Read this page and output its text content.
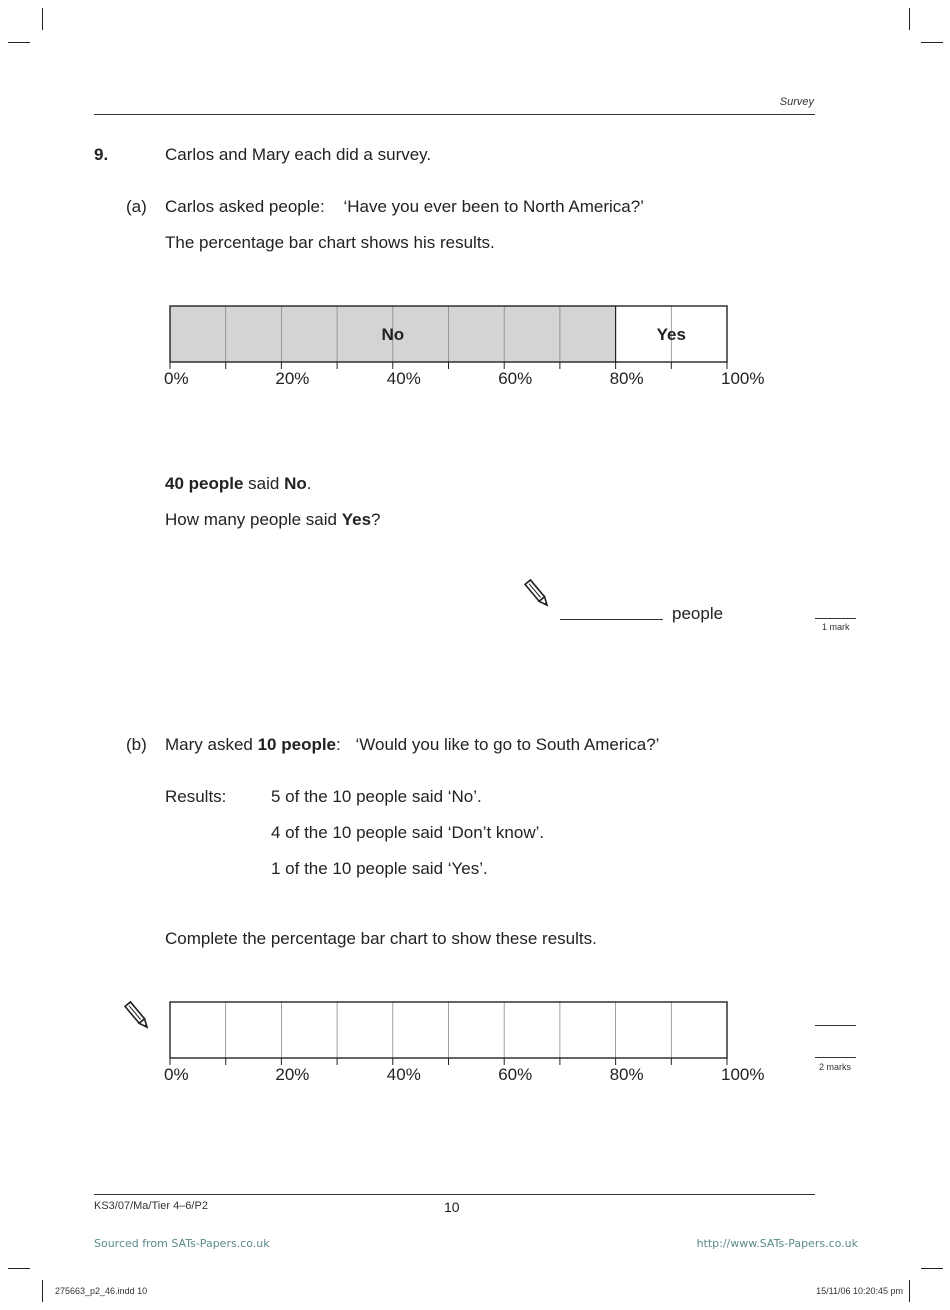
Survey
9.	Carlos and Mary each did a survey.
(a) Carlos asked people: ‘Have you ever been to North America?’
The percentage bar chart shows his results.
0%	20%	40%	60%	80%	100%
No	Yes
40 people said No.
How many people said Yes?
people
1 mark
(b) Mary asked 10 people: ‘Would you like to go to South America?’
Results:	5 of the 10 people said ‘No’.
4 of the 10 people said ‘Don’t know’.
1 of the 10 people said ‘Yes’.
Complete the percentage bar chart to show these results.
0%	20%	40%	60%	80%	100%	2 marks
KS3/07/Ma/Tier 4–6/P2	10
Sourced from SATs-Papers.co.uk	http://www.SATs-Papers.co.uk
275663_p2_46.indd 10	15/11/06 10:20:45 pm
